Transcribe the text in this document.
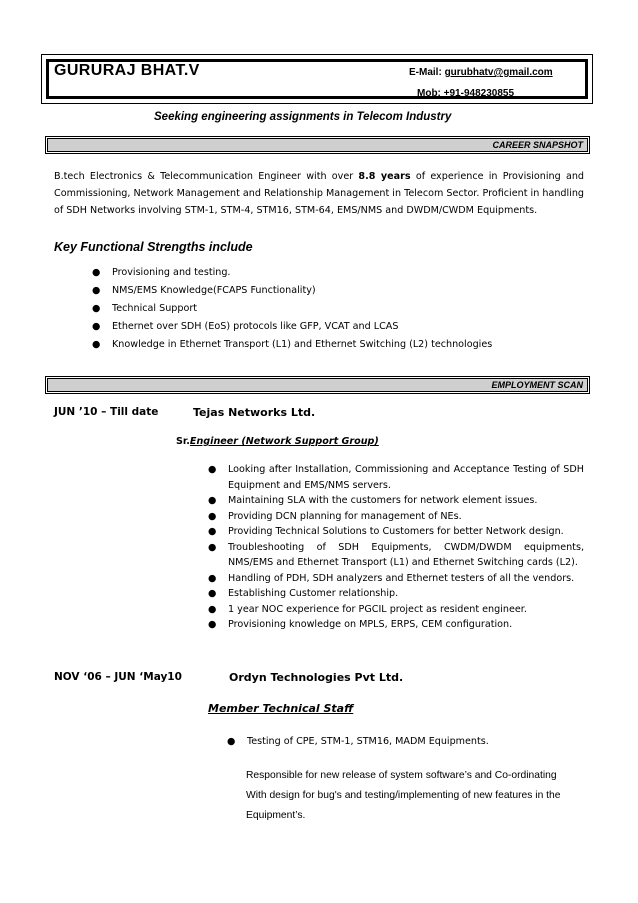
GURURAJ BHAT.V	E-Mail: gurubhatv@gmail.com
Mob: +91-948230855
Seeking engineering assignments in Telecom Industry
CAREER SNAPSHOT
B.tech Electronics & Telecommunication Engineer with over 8.8 years of experience in Provisioning and Commissioning, Network Management and Relationship Management in Telecom Sector. Proficient in handling of SDH Networks involving STM-1, STM-4, STM16, STM-64, EMS/NMS and DWDM/CWDM Equipments.
Key Functional Strengths include
● Provisioning and testing.
● NMS/EMS Knowledge(FCAPS Functionality)
● Technical Support
● Ethernet over SDH (EoS) protocols like GFP, VCAT and LCAS
● Knowledge in Ethernet Transport (L1) and Ethernet Switching (L2) technologies
EMPLOYMENT SCAN
JUN ’10 – Till date	Tejas Networks Ltd.
Sr.Engineer (Network Support Group)
● Looking after Installation, Commissioning and Acceptance Testing of SDH Equipment and EMS/NMS servers.
● Maintaining SLA with the customers for network element issues.
● Providing DCN planning for management of NEs.
● Providing Technical Solutions to Customers for better Network design.
● Troubleshooting of SDH Equipments, CWDM/DWDM equipments, NMS/EMS and Ethernet Transport (L1) and Ethernet Switching cards (L2).
● Handling of PDH, SDH analyzers and Ethernet testers of all the vendors.
● Establishing Customer relationship.
● 1 year NOC experience for PGCIL project as resident engineer.
● Provisioning knowledge on MPLS, ERPS, CEM configuration.
NOV ‘06 – JUN ‘May10	Ordyn Technologies Pvt Ltd.
Member Technical Staff
● Testing of CPE, STM-1, STM16, MADM Equipments.
Responsible for new release of system software’s and Co-ordinating
With design for bug's and testing/implementing of new features in the
Equipment’s.
